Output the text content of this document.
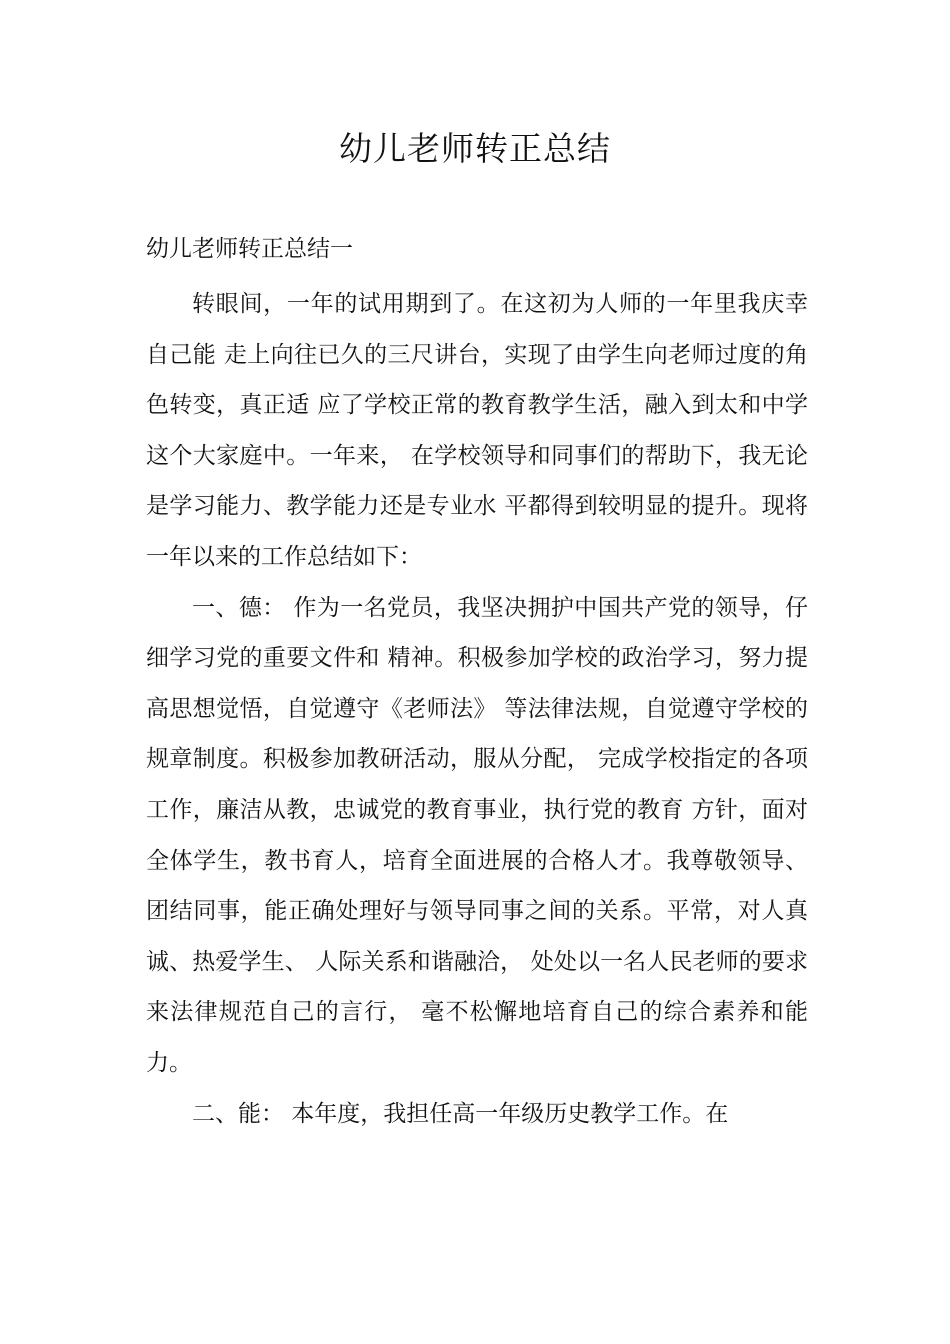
幼儿老师转正总结
幼儿老师转正总结一

转眼间，一年的试用期到了。在这初为人师的一年里我庆幸自己能 走上向往已久的三尺讲台，实现了由学生向老师过度的角色转变，真正适 应了学校正常的教育教学生活，融入到太和中学这个大家庭中。一年来， 在学校领导和同事们的帮助下，我无论是学习能力、教学能力还是专业水 平都得到较明显的提升。现将一年以来的工作总结如下：

一、德： 作为一名党员，我坚决拥护中国共产党的领导，仔细学习党的重要文件和 精神。积极参加学校的政治学习，努力提高思想觉悟，自觉遵守《老师法》 等法律法规，自觉遵守学校的规章制度。积极参加教研活动，服从分配， 完成学校指定的各项工作，廉洁从教，忠诚党的教育事业，执行党的教育 方针，面对全体学生，教书育人，培育全面进展的合格人才。我尊敬领导、 团结同事，能正确处理好与领导同事之间的关系。平常，对人真诚、热爱学生、 人际关系和谐融洽， 处处以一名人民老师的要求来法律规范自己的言行， 毫不松懈地培育自己的综合素养和能力。

二、能： 本年度，我担任高一年级历史教学工作。在
